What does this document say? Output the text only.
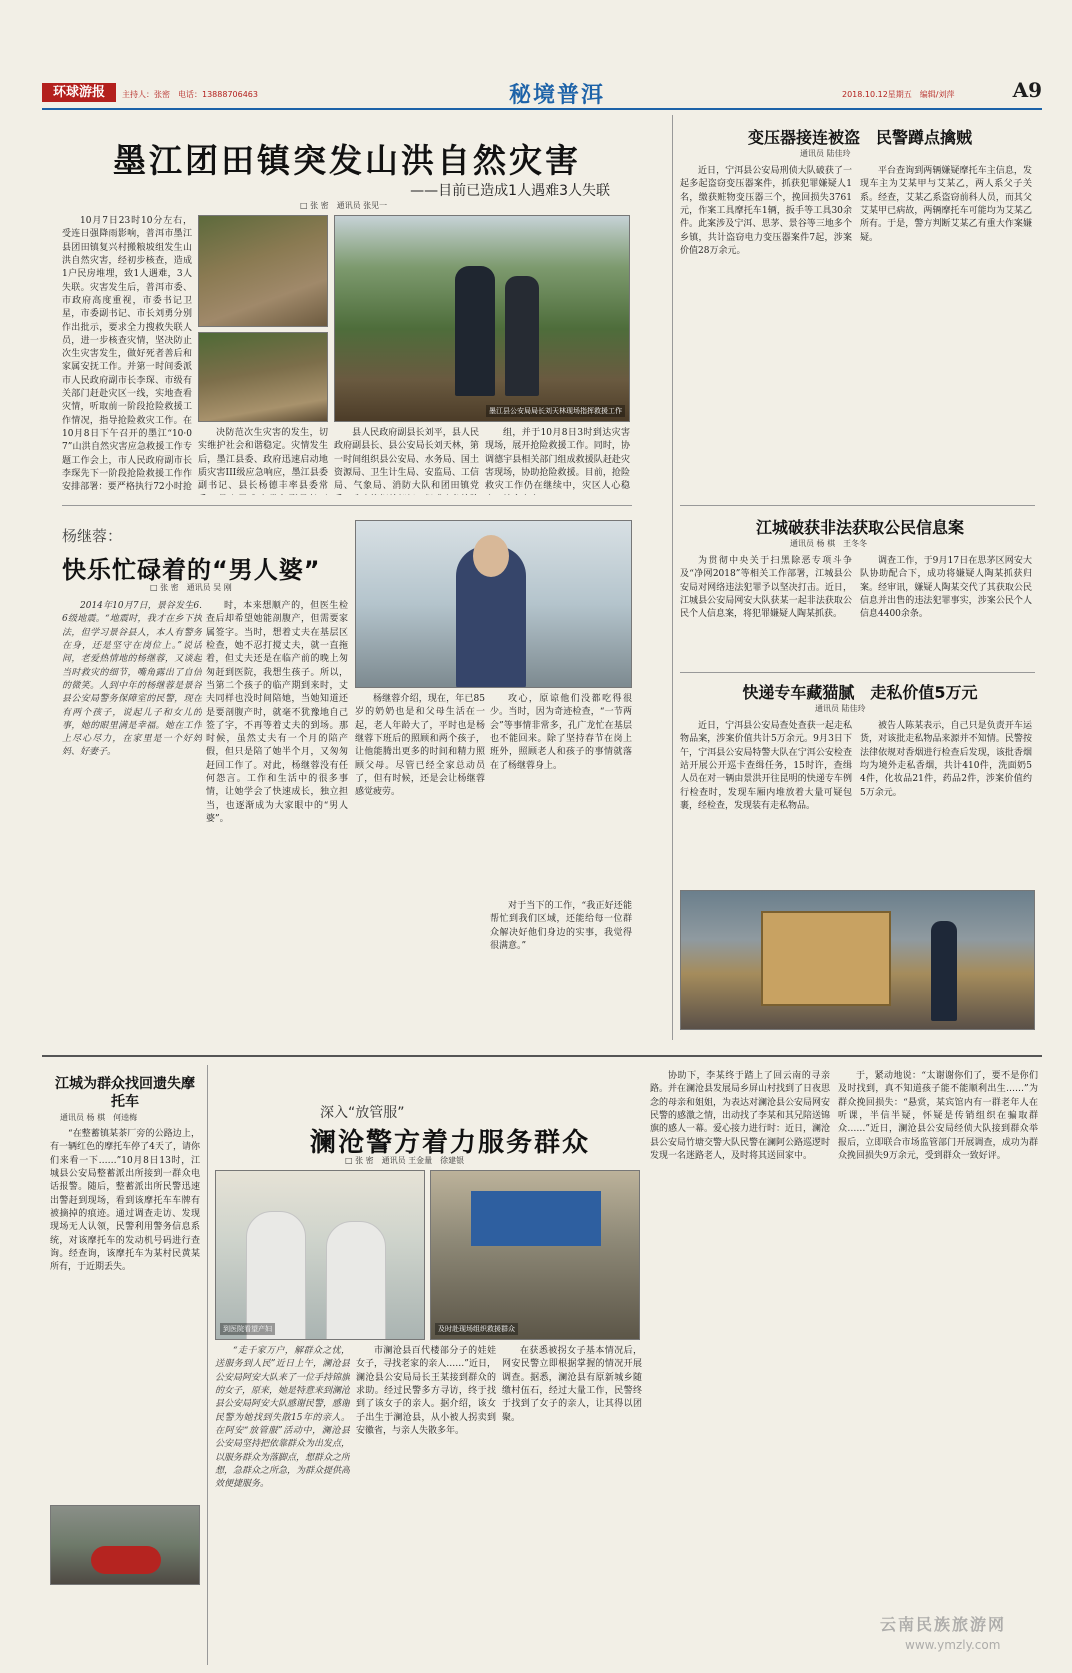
环球游报	主持人：张密　电话：13888706463	秘境普洱	2018.10.12星期五　编辑/刘萍	A9
墨江团田镇突发山洪自然灾害
——目前已造成1人遇难3人失联
□ 张 密　通讯员 张见一

10月7日23时10分左右，受连日强降雨影响，普洱市墨江县团田镇复兴村搬粮坡组发生山洪自然灾害，经初步核查，造成1户民房堆埋，致1人遇难，3人失联。灾害发生后，普洱市委、市政府高度重视，市委书记卫星，市委副书记、市长刘勇分别作出批示，要求全力搜救失联人员，进一步核查灾情，坚决防止次生灾害发生，做好死者善后和家属安抚工作。并第一时间委派市人民政府副市长李琛、市级有关部门赶赴灾区一线，实地查看灾情，听取前一阶段抢险救援工作情况，指导抢险救灾工作。在10月8日下午召开的墨江“10·07”山洪自然灾害应急救援工作专题工作会上，市人民政府副市长李琛先下一阶段抢险救援工作作安排部署：要严格执行72小时抢

墨江县公安局局长刘天林现场指挥救援工作

决防范次生灾害的发生，切实维护社会和谐稳定。灾情发生后，墨江县委、政府迅速启动地质灾害III级应急响应，墨江县委副书记、县长杨德丰率县委常

县人民政府副县长刘平，县人民政府副县长、县公安局长刘天林，第一时间组织县公安局、水务局、国土资源局、卫生计生局、安监局、工信局、气象局、消防大队和团田镇党

组，并于10月8日3时到达灾害现场，展开抢险救援工作。同时，协调德宇县相关部门组成救援队赶赴灾害现场，协助抢险救援。目前，抢险救灾工作仍在继续中，灾区人心稳

杨继蓉：
快乐忙碌着的“男人婆”
□ 张 密　通讯员 吴 刚

2014年10月7日，景谷发生6.6级地震。“地震时，我才在乡下执法，但学习景谷县人，本人有警务在身，还是坚守在岗位上。”说话间，老爱热情地的杨继蓉，又谈起当时救灾的细节，嘴角露出了自信的微笑。人到中年的杨继蓉是景谷县公安局警务保障室的民警，现在有两个孩子，说起儿子和女儿的事，她的眼里满是幸福。她在工作上尽心尽力，在家里是一个好妈妈、好妻子。

时，本来想顺产的，但医生检查后却希望她能剖腹产，但需要家属签字。当时，想着丈夫在基层区检查，她不忍打搅丈夫，就一直拖着，但丈夫还是在临产前的晚上匆匆赶到医院，我想生孩子。所以，当第二个孩子的临产期到来时，丈夫同样也没时间陪她，当她知道还是要剖腹产时，就毫不犹豫地自己签了字，不再等着丈夫的到场。那时候，虽然丈夫有一个月的陪产假，但只是陪了她半个月，又匆匆赶回工作了。对此，杨继蓉没有任何怨言。工作和生活中的很多事情，让她学会了快速成长，独立担当，也逐渐成为大家眼中的“男人婆”。

杨继蓉介绍，现在，年已85岁的奶奶也是和父母生活在一起，老人年龄大了，平时也是杨继蓉下班后的照顾和两个孩子，让他能腾出更多的时间和精力照顾父母。尽管已经全家总动员了，但有时候，还是会让杨继蓉感觉疲劳。

攻心，原谅他们没都吃得很少。当时，因为奇迹检查，“一节两会”等事情非常多，孔广龙忙在基层也不能回来。除了坚持春节在岗上班外，照顾老人和孩子的事情就落在了杨继蓉身上。

对于当下的工作，“我正好还能帮忙到我们区域，还能给每一位群众解决好他们身边的实事，我觉得很满意。”

变压器接连被盗　民警蹲点擒贼
通讯员 陆佳玲

近日，宁洱县公安局刑侦大队破获了一起多起盗窃变压器案件，抓获犯罪嫌疑人1名，缴获赃物变压器三个，挽回损失3761元，作案工具摩托车1辆，扳手等工具30余件。此案涉及宁洱、思茅、景谷等三地多个乡镇，共计盗窃电力变压器案件7起，涉案价值28万余元。

平台查询到两辆嫌疑摩托车主信息，发现车主为艾某甲与艾某乙，两人系父子关系。经查，艾某乙系盗窃前科人员，而其父艾某甲已病故，两辆摩托车可能均为艾某乙所有。于是，警方判断艾某乙有重大作案嫌疑。

江城破获非法获取公民信息案
通讯员 杨 棋　王冬冬

为贯彻中央关于扫黑除恶专项斗争及“净网2018”等相关工作部署，江城县公安局对网络违法犯罪予以坚决打击。近日，江城县公安局网安大队获某一起非法获取公民个人信息案，将犯罪嫌疑人陶某抓获。

调查工作，于9月17日在思茅区网安大队协助配合下，成功将嫌疑人陶某抓获归案。经审讯，嫌疑人陶某交代了其获取公民信息并出售的违法犯罪事实，涉案公民个人信息4400余条。

快递专车藏猫腻　走私价值5万元
通讯员 陆佳玲

近日，宁洱县公安局查处查获一起走私物品案，涉案价值共计5万余元。9月3日下午，宁洱县公安局特警大队在宁洱公安检查站开展公开巡卡查缉任务，15时许，查缉人员在对一辆由景洪开往昆明的快递专车例行检查时，发现车厢内堆放着大量可疑包裹，经检查，发现装有走私物品。

被告人陈某表示，自己只是负责开车运货，对该批走私物品来源并不知情。民警按法律依规对香烟进行检查后发现，该批香烟均为境外走私香烟，共计410件，洗面奶54件，化妆品21件，药品2件，涉案价值约5万余元。

江城为群众找回遗失摩托车
通讯员 杨 棋　何逵梅

“在整蓄镇某茶厂旁的公路边上，有一辆红色的摩托车停了4天了，请你们来看一下……”10月8日13时，江城县公安局整蓄派出所接到一群众电话报警。随后，整蓄派出所民警迅速出警赶到现场，看到该摩托车车牌有被摘掉的痕迹。通过调查走访、发现现场无人认领，民警利用警务信息系统，对该摩托车的发动机号码进行查询。经查询，该摩托车为某村民黄某所有，于近期丢失。

深入“放管服”
澜沧警方着力服务群众
□ 张 密　通讯员 王金量　徐建银
到医院看望产妇	及时赴现场组织救援群众

“走千家万户，解群众之忧，送服务到人民”近日上午，澜沧县公安局阿安大队来了一位手持锦旗的女子，原来，她是特意来到澜沧县公安局阿安大队感谢民警，感谢民警为她找到失散15年的亲人。在阿安“放管服”活动中，澜沧县公安局坚持把依靠群众为出发点，以服务群众为落脚点，想群众之所想，急群众之所急，为群众提供高效便捷服务。

市澜沧县百代楼部分子的娃娃女子，寻找老家的亲人……”近日，澜沧县公安局局长王某接到群众的求助。经过民警多方寻访，终于找到了该女子的亲人。据介绍，该女子出生于澜沧县，从小被人拐卖到安徽省，与亲人失散多年。

在获悉被拐女子基本情况后，网安民警立即根据掌握的情况开展调查。据悉，澜沧县有原新城乡随缴村伍石，经过大量工作，民警终于找到了女子的亲人，让其得以团聚。

协助下，李某终于踏上了回云南的寻亲路。并在澜沧县发展局乡屏山村找到了日夜思念的母亲和姐姐，为表达对澜沧县公安局网安民警的感激之情，出动找了李某和其兄陪送锦旗的感人一幕。爱心接力进行时：近日，澜沧县公安局竹塘交警大队民警在澜阿公路巡逻时发现一名迷路老人，及时将其送回家中。

于，紧动地说：“太谢谢你们了，要不是你们及时找到，真不知道孩子能不能顺利出生……”为群众挽回损失：“悬赏，某宾馆内有一群老年人在听课，半信半疑，怀疑是传销组织在骗取群众……”近日，澜沧县公安局经侦大队接到群众举报后，立即联合市场监管部门开展调查，成功为群众挽回损失9万余元，受到群众一致好评。

云南民族旅游网
www.ymzly.com
